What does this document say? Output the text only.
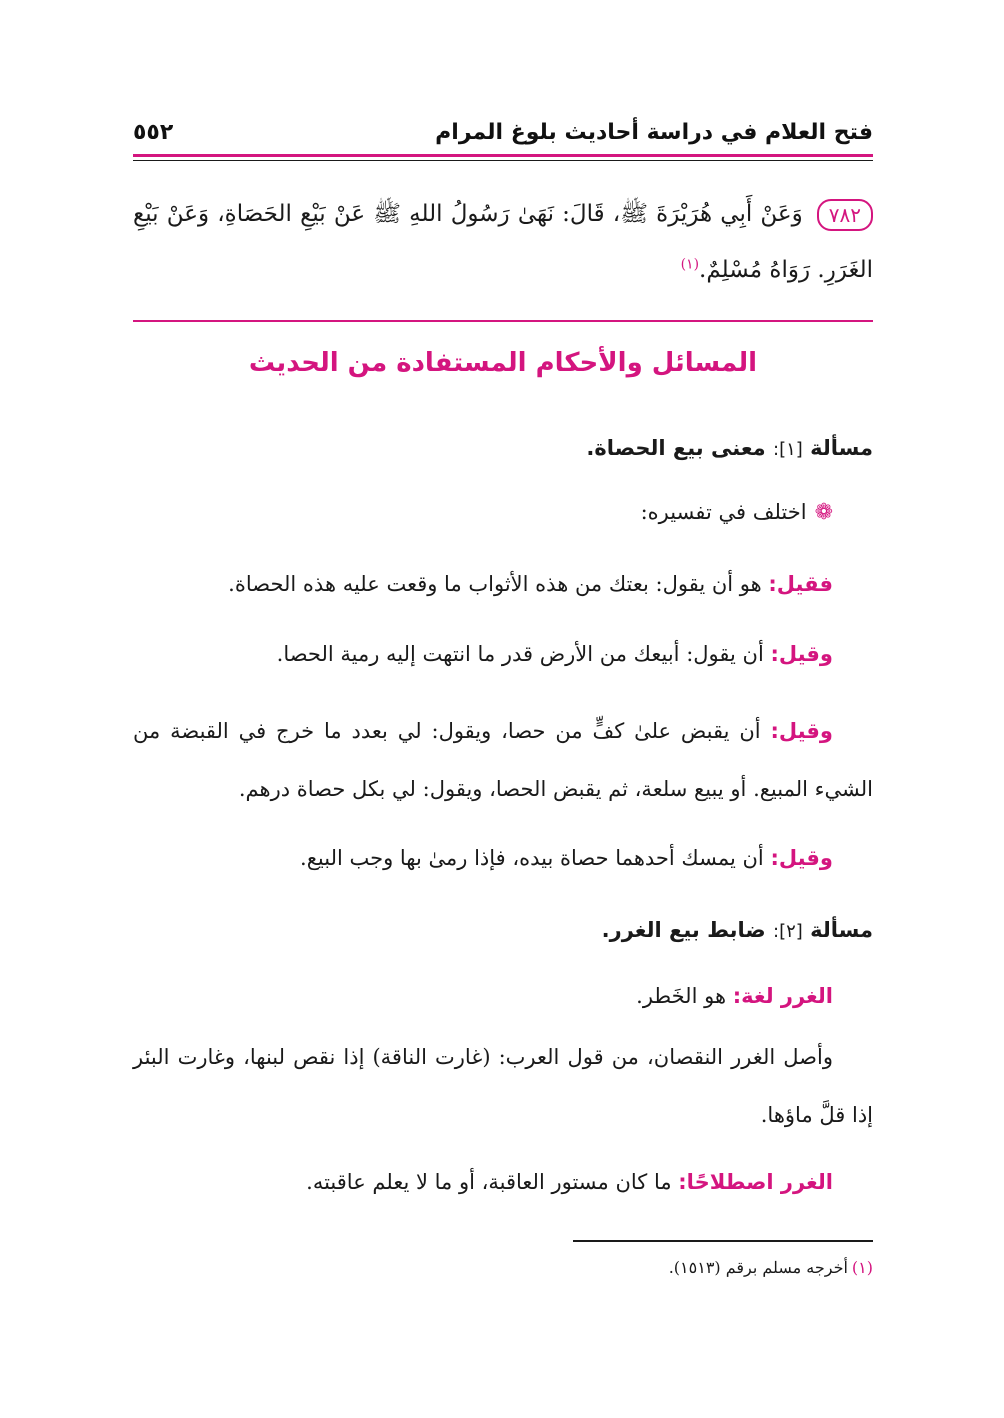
فتح العلام في دراسة أحاديث بلوغ المرام
٥٥٢
٧٨٢وَعَنْ أَبِي هُرَيْرَةَ ﷺ، قَالَ: نَهَىٰ رَسُولُ اللهِ ﷺ عَنْ بَيْعِ الحَصَاةِ، وَعَنْ بَيْعِ الغَرَرِ. رَوَاهُ مُسْلِمٌ.$^{(١)}$
المسائل والأحكام المستفادة من الحديث
مسألة [١]: معنى بيع الحصاة.
❁اختلف في تفسيره:
فقيل: هو أن يقول: بعتك من هذه الأثواب ما وقعت عليه هذه الحصاة.
وقيل: أن يقول: أبيعك من الأرض قدر ما انتهت إليه رمية الحصا.
وقيل: أن يقبض علىٰ كفٍّ من حصا، ويقول: لي بعدد ما خرج في القبضة من الشيء المبيع. أو يبيع سلعة، ثم يقبض الحصا، ويقول: لي بكل حصاة درهم.
وقيل: أن يمسك أحدهما حصاة بيده، فإذا رمىٰ بها وجب البيع.
مسألة [٢]: ضابط بيع الغرر.
الغرر لغة: هو الخَطر.
وأصل الغرر النقصان، من قول العرب: (غارت الناقة) إذا نقص لبنها، وغارت البئر إذا قلَّ ماؤها.
الغرر اصطلاحًا: ما كان مستور العاقبة، أو ما لا يعلم عاقبته.
(١)أخرجه مسلم برقم (١٥١٣).
